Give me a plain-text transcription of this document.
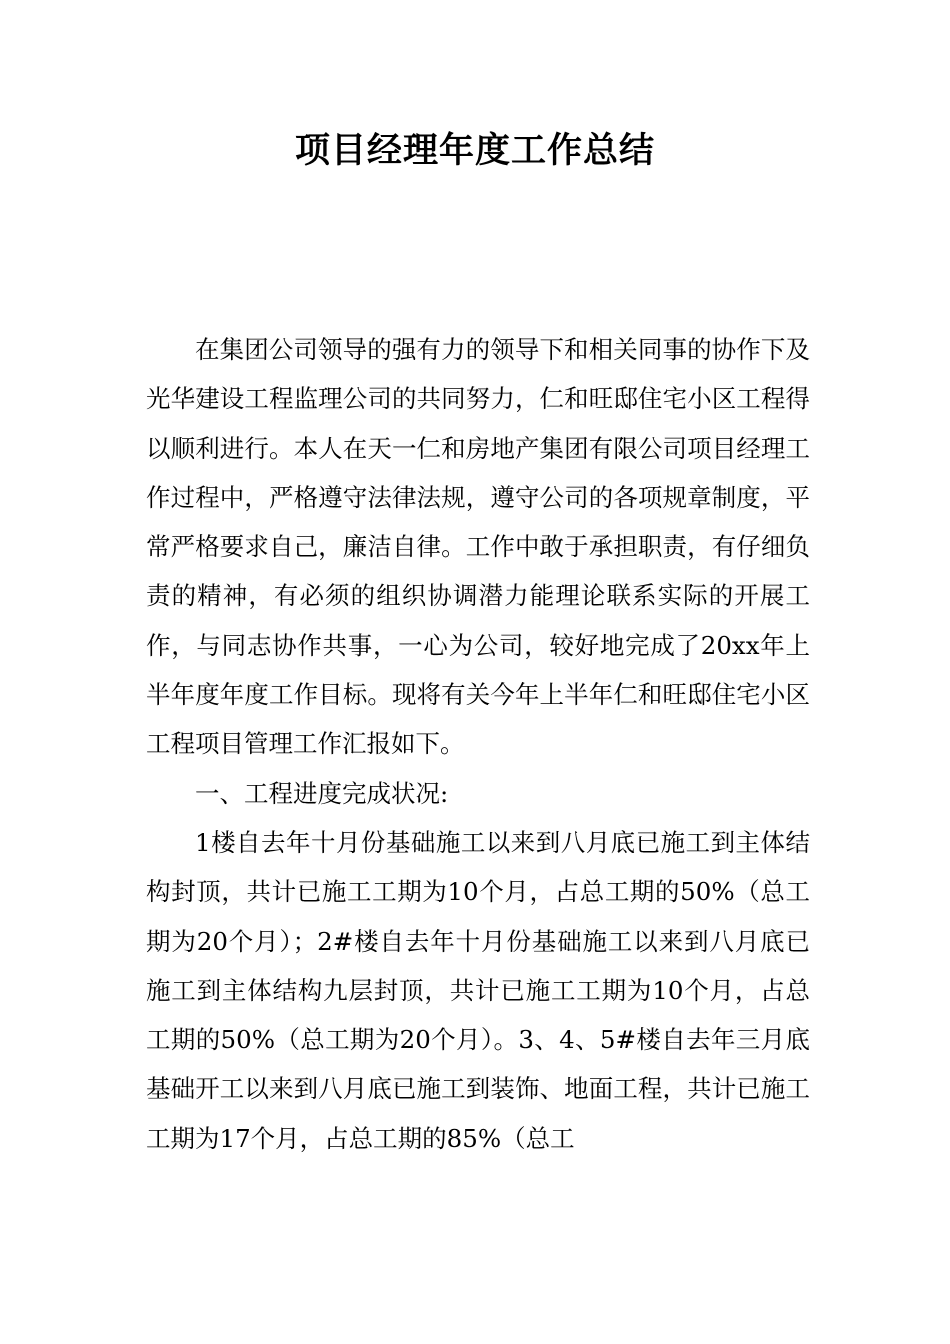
项目经理年度工作总结

在集团公司领导的强有力的领导下和相关同事的协作下及光华建设工程监理公司的共同努力，仁和旺邸住宅小区工程得以顺利进行。本人在天一仁和房地产集团有限公司项目经理工作过程中，严格遵守法律法规，遵守公司的各项规章制度，平常严格要求自己，廉洁自律。工作中敢于承担职责，有仔细负责的精神，有必须的组织协调潜力能理论联系实际的开展工作，与同志协作共事，一心为公司，较好地完成了20xx年上半年度年度工作目标。现将有关今年上半年仁和旺邸住宅小区工程项目管理工作汇报如下。

一、工程进度完成状况:

1楼自去年十月份基础施工以来到八月底已施工到主体结构封顶，共计已施工工期为10个月，占总工期的50%（总工期为20个月）；2#楼自去年十月份基础施工以来到八月底已施工到主体结构九层封顶，共计已施工工期为10个月，占总工期的50%（总工期为20个月）。3、4、5#楼自去年三月底基础开工以来到八月底已施工到装饰、地面工程，共计已施工工期为17个月，占总工期的85%（总工
